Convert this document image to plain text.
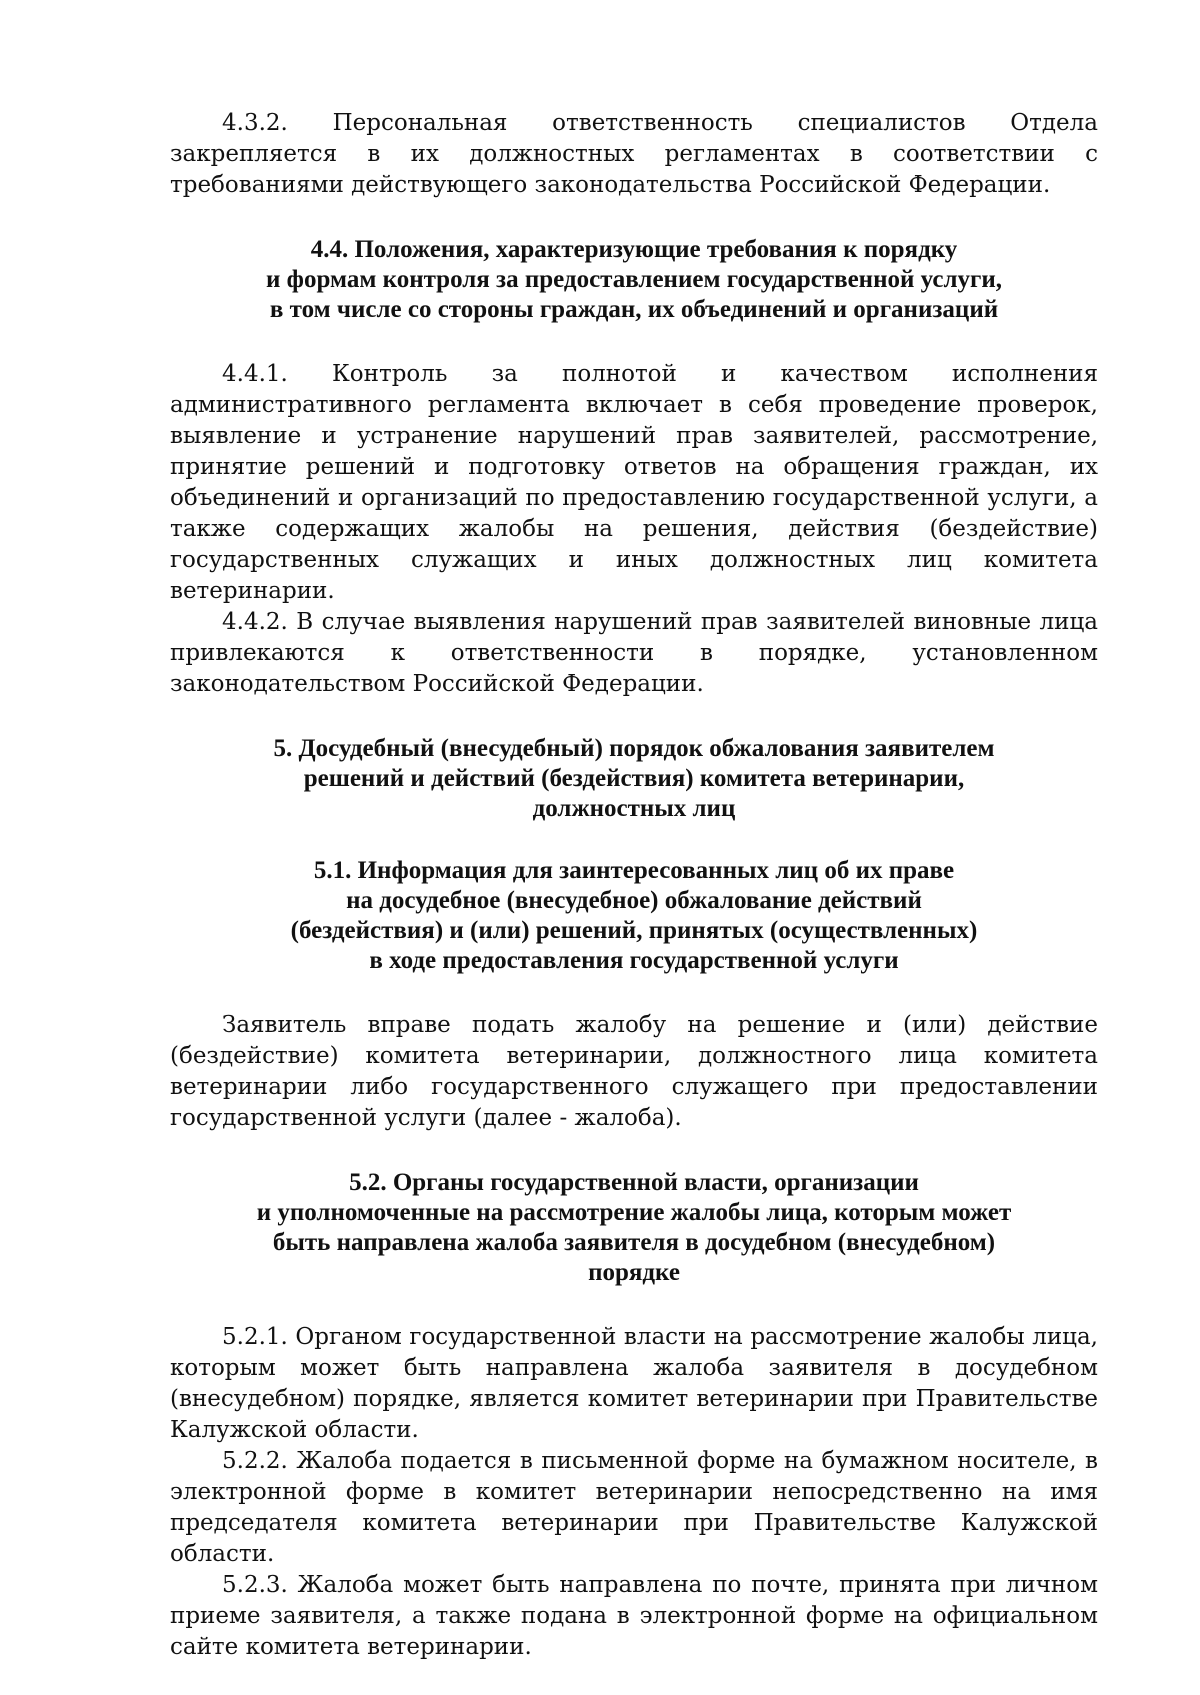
4.3.2. Персональная ответственность специалистов Отдела закрепляется в их должностных регламентах в соответствии с требованиями действующего законодательства Российской Федерации.

4.4. Положения, характеризующие требования к порядку
и формам контроля за предоставлением государственной услуги,
в том числе со стороны граждан, их объединений и организаций

4.4.1. Контроль за полнотой и качеством исполнения административного регламента включает в себя проведение проверок, выявление и устранение нарушений прав заявителей, рассмотрение, принятие решений и подготовку ответов на обращения граждан, их объединений и организаций по предоставлению государственной услуги, а также содержащих жалобы на решения, действия (бездействие) государственных служащих и иных должностных лиц комитета ветеринарии.

4.4.2. В случае выявления нарушений прав заявителей виновные лица привлекаются к ответственности в порядке, установленном законодательством Российской Федерации.

5. Досудебный (внесудебный) порядок обжалования заявителем
решений и действий (бездействия) комитета ветеринарии,
должностных лиц
5.1. Информация для заинтересованных лиц об их праве
на досудебное (внесудебное) обжалование действий
(бездействия) и (или) решений, принятых (осуществленных)
в ходе предоставления государственной услуги

Заявитель вправе подать жалобу на решение и (или) действие (бездействие) комитета ветеринарии, должностного лица комитета ветеринарии либо государственного служащего при предоставлении государственной услуги (далее - жалоба).

5.2. Органы государственной власти, организации
и уполномоченные на рассмотрение жалобы лица, которым может
быть направлена жалоба заявителя в досудебном (внесудебном)
порядке

5.2.1. Органом государственной власти на рассмотрение жалобы лица, которым может быть направлена жалоба заявителя в досудебном (внесудебном) порядке, является комитет ветеринарии при Правительстве Калужской области.

5.2.2. Жалоба подается в письменной форме на бумажном носителе, в электронной форме в комитет ветеринарии непосредственно на имя председателя комитета ветеринарии при Правительстве Калужской области.

5.2.3. Жалоба может быть направлена по почте, принята при личном приеме заявителя, а также подана в электронной форме на официальном сайте комитета ветеринарии.
